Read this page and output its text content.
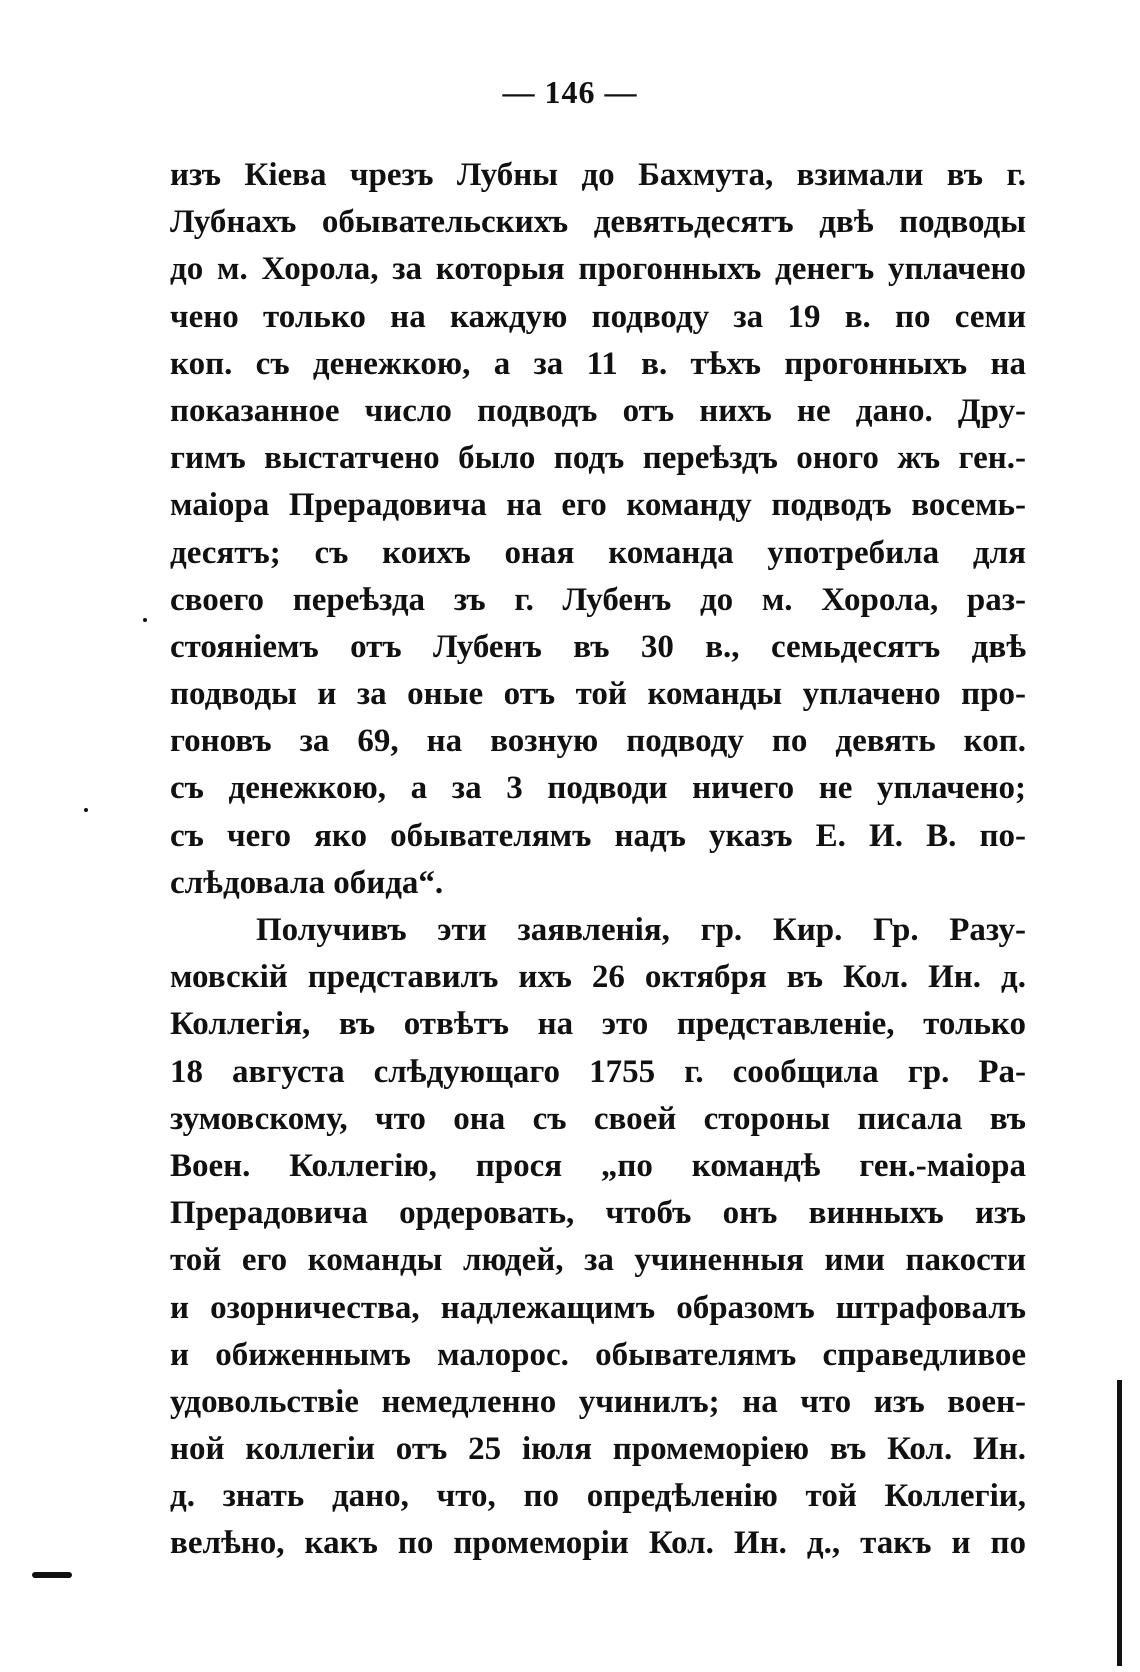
— 146 —
изъ Кіева чрезъ Лубны до Бахмута, взимали въ г.
Лубнахъ обывательскихъ девятьдесятъ двѣ подводы
до м. Хорола, за которыя прогонныхъ денегъ уплачено
чено только на каждую подводу за 19 в. по семи
коп. съ денежкою, а за 11 в. тѣхъ прогонныхъ на
показанное число подводъ отъ нихъ не дано. Дру-
гимъ выстатчено было подъ переѣздъ оного жъ ген.-
маіора Прерадовича на его команду подводъ восемь-
десятъ; съ коихъ оная команда употребила для
своего переѣзда зъ г. Лубенъ до м. Хорола, раз-
стояніемъ отъ Лубенъ въ 30 в., семьдесятъ двѣ
подводы и за оные отъ той команды уплачено про-
гоновъ за 69, на возную подводу по девять коп.
съ денежкою, а за 3 подводи ничего не уплачено;
съ чего яко обывателямъ надъ указъ Е. И. В. по-
слѣдовала обида“.
Получивъ эти заявленія, гр. Кир. Гр. Разу-
мовскій представилъ ихъ 26 октября въ Кол. Ин. д.
Коллегія, въ отвѣтъ на это представленіе, только
18 августа слѣдующаго 1755 г. сообщила гр. Ра-
зумовскому, что она съ своей стороны писала въ
Воен. Коллегію, прося „по командѣ ген.-маіора
Прерадовича ордеровать, чтобъ онъ винныхъ изъ
той его команды людей, за учиненныя ими пакости
и озорничества, надлежащимъ образомъ штрафовалъ
и обиженнымъ малорос. обывателямъ справедливое
удовольствіе немедленно учинилъ; на что изъ воен-
ной коллегіи отъ 25 іюля промеморіею въ Кол. Ин.
д. знать дано, что, по опредѣленію той Коллегіи,
велѣно, какъ по промеморіи Кол. Ин. д., такъ и по
